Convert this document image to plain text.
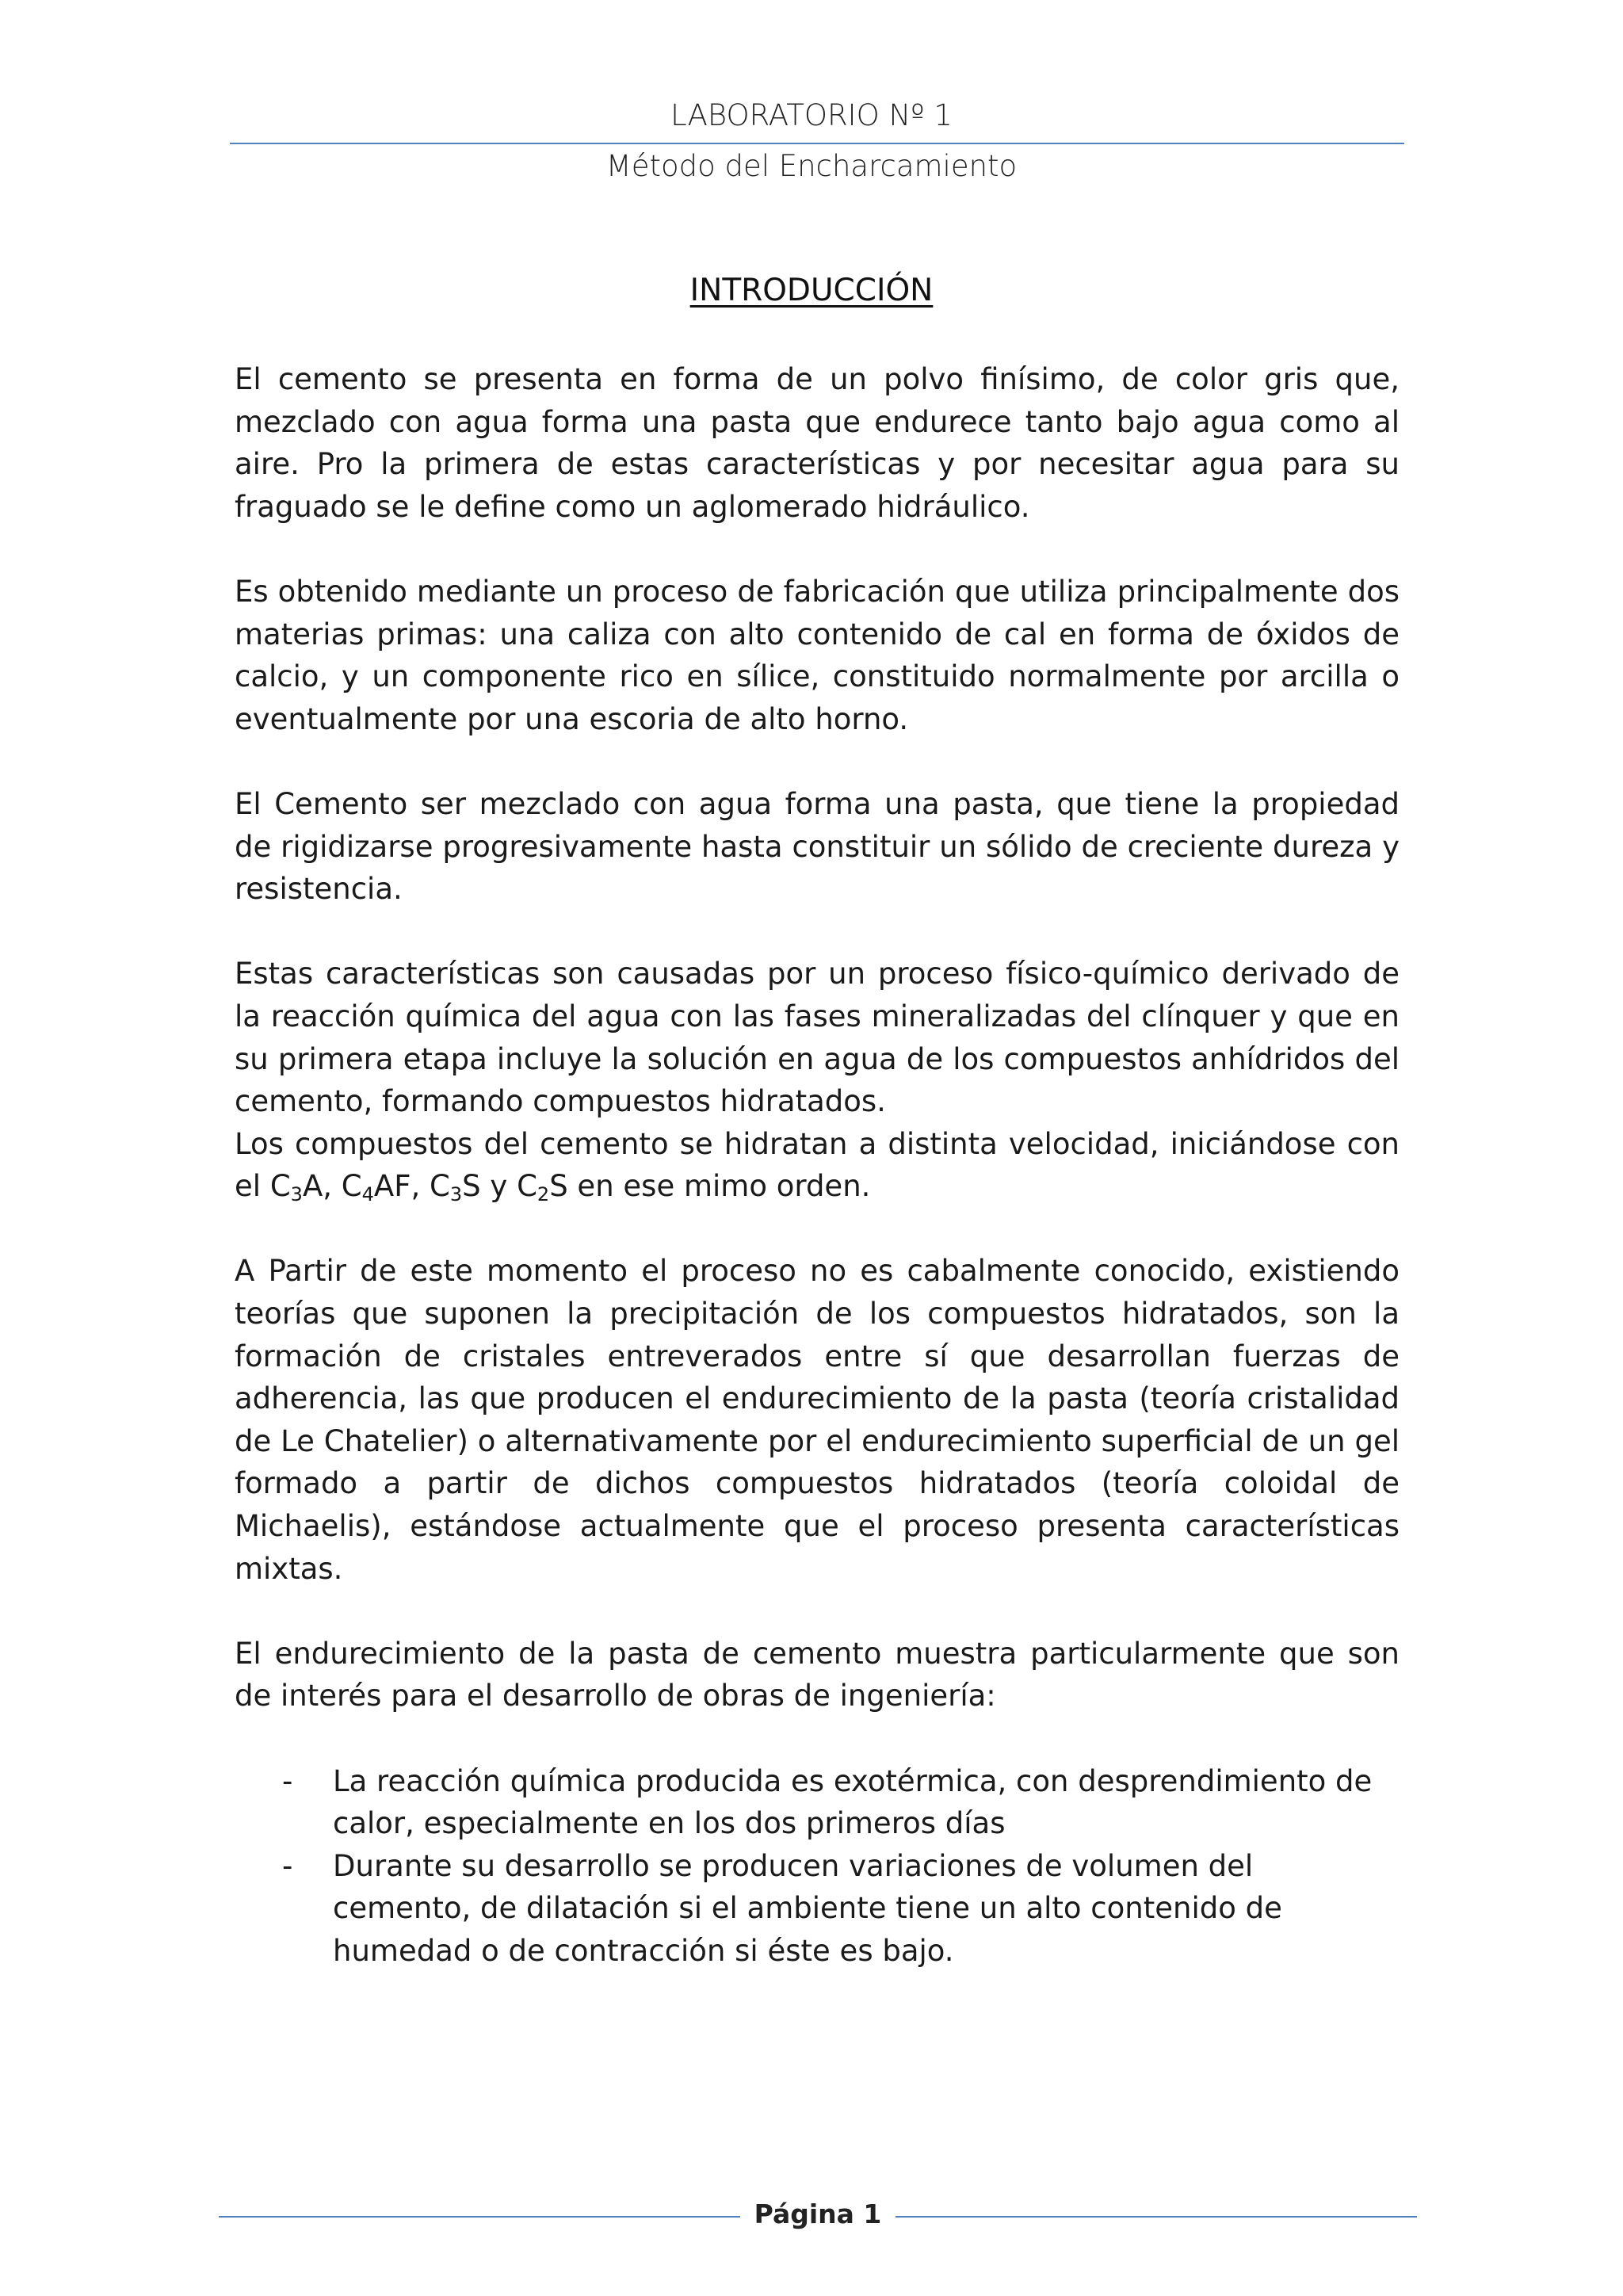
LABORATORIO Nº 1
Método del Encharcamiento
INTRODUCCIÓN

El cemento se presenta en forma de un polvo finísimo, de color gris que, mezclado con agua forma una pasta que endurece tanto bajo agua como al aire. Pro la primera de estas características y por necesitar agua para su fraguado se le define como un aglomerado hidráulico.

Es obtenido mediante un proceso de fabricación que utiliza principalmente dos materias primas: una caliza con alto contenido de cal en forma de óxidos de calcio, y un componente rico en sílice, constituido normalmente por arcilla o eventualmente por una escoria de alto horno.

El Cemento ser mezclado con agua forma una pasta, que tiene la propiedad de rigidizarse progresivamente hasta constituir un sólido de creciente dureza y resistencia.

Estas características son causadas por un proceso físico-químico derivado de la reacción química del agua con las fases mineralizadas del clínquer y que en su primera etapa incluye la solución en agua de los compuestos anhídridos del cemento, formando compuestos hidratados.

Los compuestos del cemento se hidratan a distinta velocidad, iniciándose con el $C_3A$, $C_4AF$, $C_3S$ y $C_2S$ en ese mimo orden.

A Partir de este momento el proceso no es cabalmente conocido, existiendo teorías que suponen la precipitación de los compuestos hidratados, son la formación de cristales entreverados entre sí que desarrollan fuerzas de adherencia, las que producen el endurecimiento de la pasta (teoría cristalidad de Le Chatelier) o alternativamente por el endurecimiento superficial de un gel formado a partir de dichos compuestos hidratados (teoría coloidal de Michaelis), estándose actualmente que el proceso presenta características mixtas.

El endurecimiento de la pasta de cemento muestra particularmente que son de interés para el desarrollo de obras de ingeniería:

- La reacción química producida es exotérmica, con desprendimiento de calor, especialmente en los dos primeros días
- Durante su desarrollo se producen variaciones de volumen del cemento, de dilatación si el ambiente tiene un alto contenido de humedad o de contracción si éste es bajo.
Página 1
